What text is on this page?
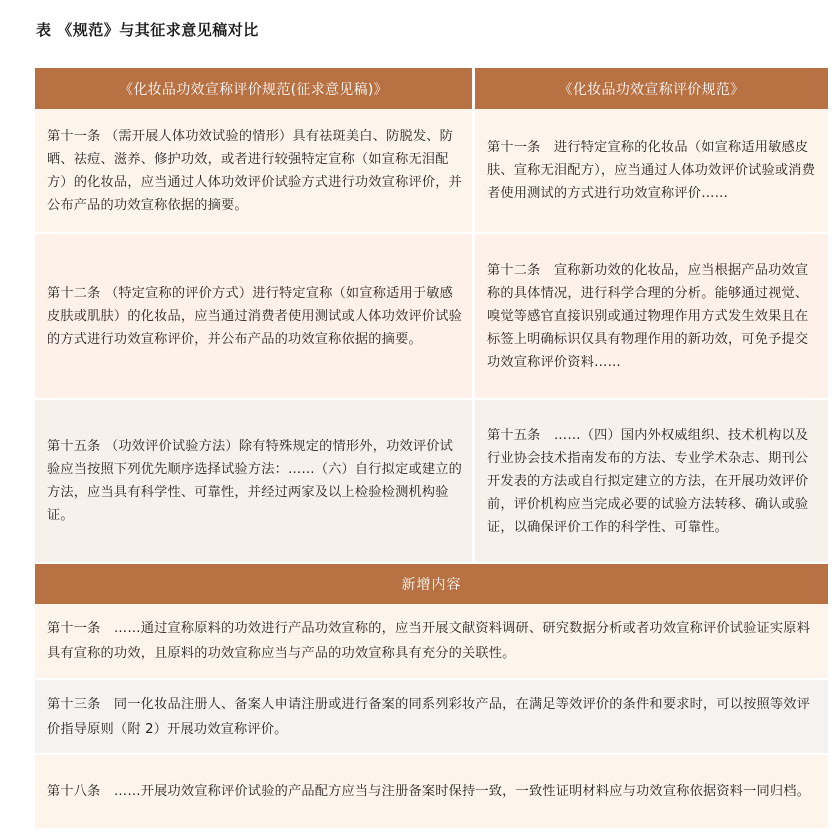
表 《规范》与其征求意见稿对比
《化妆品功效宣称评价规范(征求意见稿)》	《化妆品功效宣称评价规范》
第十一条 （需开展人体功效试验的情形）具有祛斑美白、防脱发、防晒、祛痘、滋养、修护功效，或者进行较强特定宣称（如宣称无泪配方）的化妆品，应当通过人体功效评价试验方式进行功效宣称评价，并公布产品的功效宣称依据的摘要。
第十一条　进行特定宣称的化妆品（如宣称适用敏感皮肤、宣称无泪配方），应当通过人体功效评价试验或消费者使用测试的方式进行功效宣称评价……
第十二条 （特定宣称的评价方式）进行特定宣称（如宣称适用于敏感皮肤或肌肤）的化妆品，应当通过消费者使用测试或人体功效评价试验的方式进行功效宣称评价，并公布产品的功效宣称依据的摘要。
第十二条　宣称新功效的化妆品，应当根据产品功效宣称的具体情况，进行科学合理的分析。能够通过视觉、嗅觉等感官直接识别或通过物理作用方式发生效果且在标签上明确标识仅具有物理作用的新功效，可免予提交功效宣称评价资料……
第十五条 （功效评价试验方法）除有特殊规定的情形外，功效评价试验应当按照下列优先顺序选择试验方法：……（六）自行拟定或建立的方法，应当具有科学性、可靠性，并经过两家及以上检验检测机构验证。
第十五条　……（四）国内外权威组织、技术机构以及行业协会技术指南发布的方法、专业学术杂志、期刊公开发表的方法或自行拟定建立的方法，在开展功效评价前，评价机构应当完成必要的试验方法转移、确认或验证，以确保评价工作的科学性、可靠性。
新增内容
第十一条　……通过宣称原料的功效进行产品功效宣称的，应当开展文献资料调研、研究数据分析或者功效宣称评价试验证实原料具有宣称的功效，且原料的功效宣称应当与产品的功效宣称具有充分的关联性。
第十三条　同一化妆品注册人、备案人申请注册或进行备案的同系列彩妆产品，在满足等效评价的条件和要求时，可以按照等效评价指导原则（附 2）开展功效宣称评价。
第十八条　……开展功效宣称评价试验的产品配方应当与注册备案时保持一致，一致性证明材料应与功效宣称依据资料一同归档。
